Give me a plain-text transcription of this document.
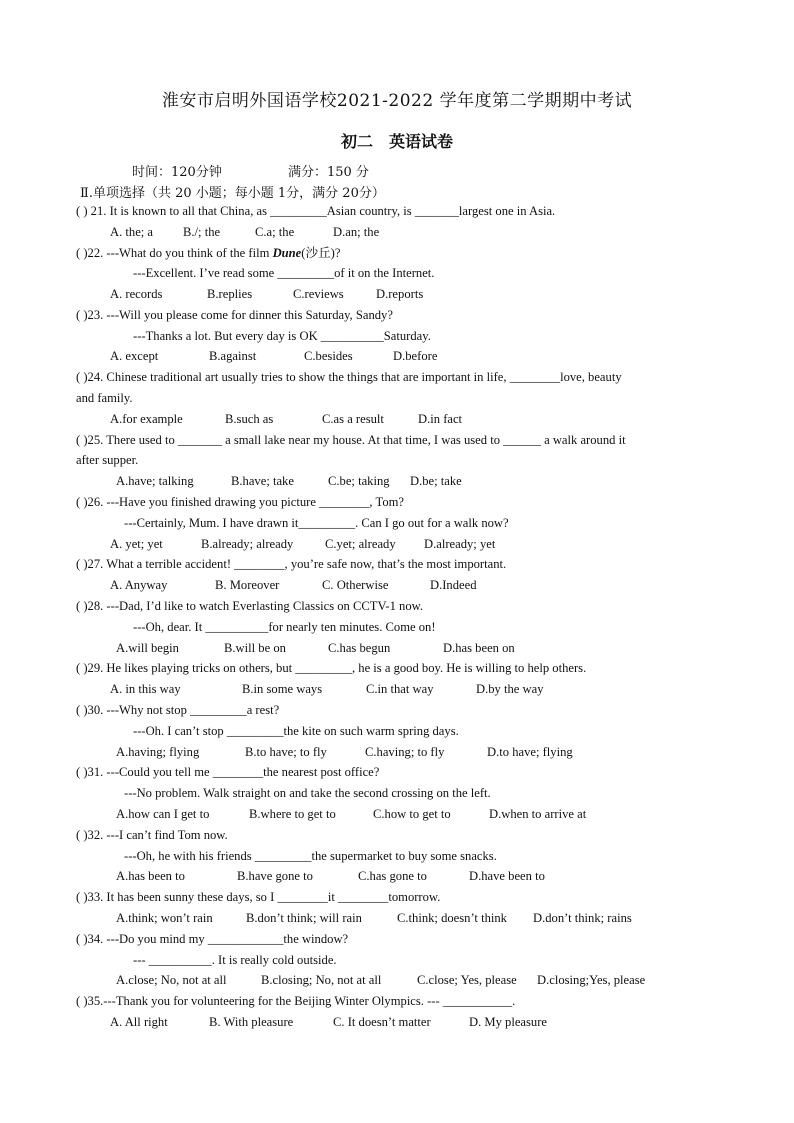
淮安市启明外国语学校2021-2022 学年度第二学期期中考试
初二　英语试卷
时间：120分钟	满分：150 分
Ⅱ.单项选择（共 20 小题；每小题 1分，满分 20分）
( ) 21. It is known to all that China, as _________Asian country, is _______largest one in Asia.
A. the; a B./; the	C.a; the	D.an; the
( )22. ---What do you think of the film Dune(沙丘)?
---Excellent. I’ve read some _________of it on the Internet.
A. records	B.replies	C.reviews	D.reports
( )23. ---Will you please come for dinner this Saturday, Sandy?
---Thanks a lot. But every day is OK __________Saturday.
A. except	B.against	C.besides	D.before
( )24. Chinese traditional art usually tries to show the things that are important in life, ________love, beauty
and family.
A.for example	B.such as	C.as a result	D.in fact
( )25. There used to _______ a small lake near my house. At that time, I was used to ______ a walk around it
after supper.
A.have; talking	B.have; take	C.be; taking D.be; take
( )26. ---Have you finished drawing you picture ________, Tom?
---Certainly, Mum. I have drawn it_________. Can I go out for a walk now?
A. yet; yet	B.already; already	C.yet; already D.already; yet
( )27. What a terrible accident! ________, you’re safe now, that’s the most important.
A. Anyway	B. Moreover	C. Otherwise	D.Indeed
( )28. ---Dad, I’d like to watch Everlasting Classics on CCTV-1 now.
---Oh, dear. It __________for nearly ten minutes. Come on!
A.will begin	B.will be on	C.has begun	D.has been on
( )29. He likes playing tricks on others, but _________, he is a good boy. He is willing to help others.
A. in this way	B.in some ways	C.in that way	D.by the way
( )30. ---Why not stop _________a rest?
---Oh. I can’t stop _________the kite on such warm spring days.
A.having; flying	B.to have; to fly	C.having; to fly	D.to have; flying
( )31. ---Could you tell me ________the nearest post office?
---No problem. Walk straight on and take the second crossing on the left.
A.how can I get to	B.where to get to	C.how to get to	D.when to arrive at
( )32. ---I can’t find Tom now.
---Oh, he with his friends _________the supermarket to buy some snacks.
A.has been to	B.have gone to	C.has gone to	D.have been to
( )33. It has been sunny these days, so I ________it ________tomorrow.
A.think; won’t rain	B.don’t think; will rain	C.think; doesn’t think D.don’t think; rains
( )34. ---Do you mind my ____________the window?
--- __________. It is really cold outside.
A.close; No, not at all	B.closing; No, not at all	C.close; Yes, please D.closing;Yes, please
( )35.---Thank you for volunteering for the Beijing Winter Olympics. --- ___________.
A. All right	B. With pleasure	C. It doesn’t matter	D. My pleasure
